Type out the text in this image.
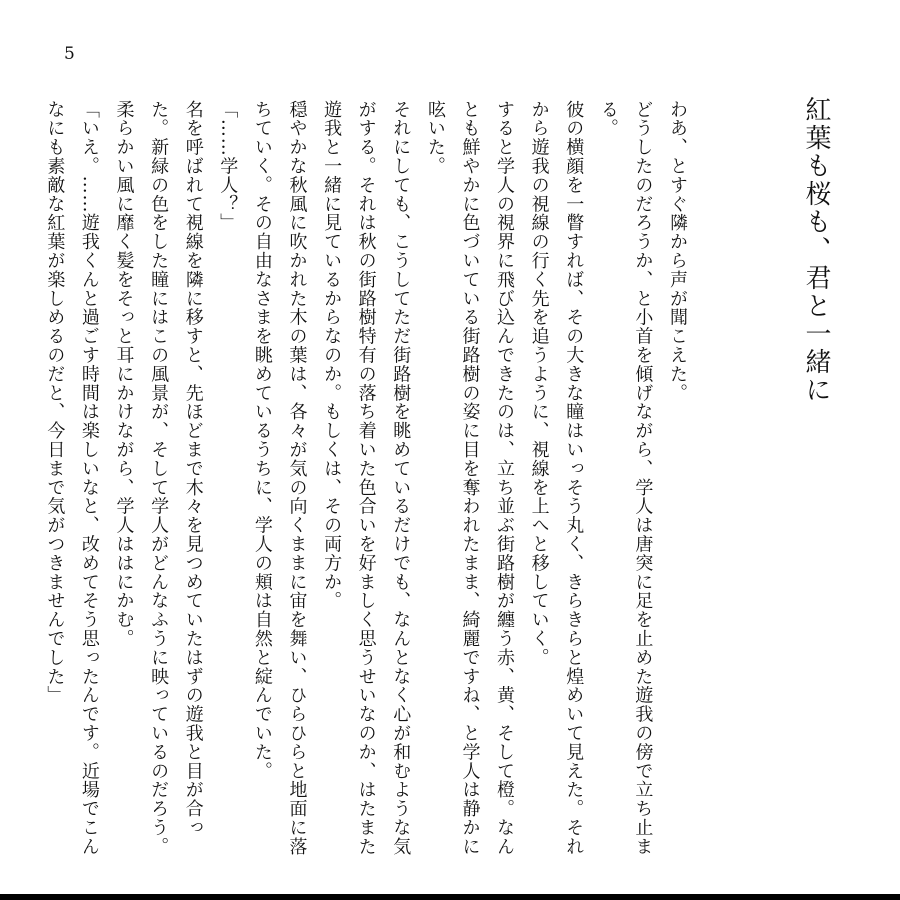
5
紅葉も桜も、君と一緒に

わあ、とすぐ隣から声が聞こえた。

どうしたのだろうか、と小首を傾げながら、学人は唐突に足を止めた遊我の傍で立ち止まる。

彼の横顔を一瞥すれば、その大きな瞳はいっそう丸く、きらきらと煌めいて見えた。それから遊我の視線の行く先を追うように、視線を上へと移していく。

すると学人の視界に飛び込んできたのは、立ち並ぶ街路樹が纏う赤、黄、そして橙。なんとも鮮やかに色づいている街路樹の姿に目を奪われたまま、綺麗ですね、と学人は静かに呟いた。

それにしても、こうしてただ街路樹を眺めているだけでも、なんとなく心が和むような気がする。それは秋の街路樹特有の落ち着いた色合いを好ましく思うせいなのか、はたまた遊我と一緒に見ているからなのか。もしくは、その両方か。

穏やかな秋風に吹かれた木の葉は、各々が気の向くままに宙を舞い、ひらひらと地面に落ちていく。その自由なさまを眺めているうちに、学人の頬は自然と綻んでいた。

「……学人？」

名を呼ばれて視線を隣に移すと、先ほどまで木々を見つめていたはずの遊我と目が合った。新緑の色をした瞳にはこの風景が、そして学人がどんなふうに映っているのだろう。柔らかい風に靡く髪をそっと耳にかけながら、学人ははにかむ。

「いえ。……遊我くんと過ごす時間は楽しいなと、改めてそう思ったんです。近場でこんなにも素敵な紅葉が楽しめるのだと、今日まで気がつきませんでした」
